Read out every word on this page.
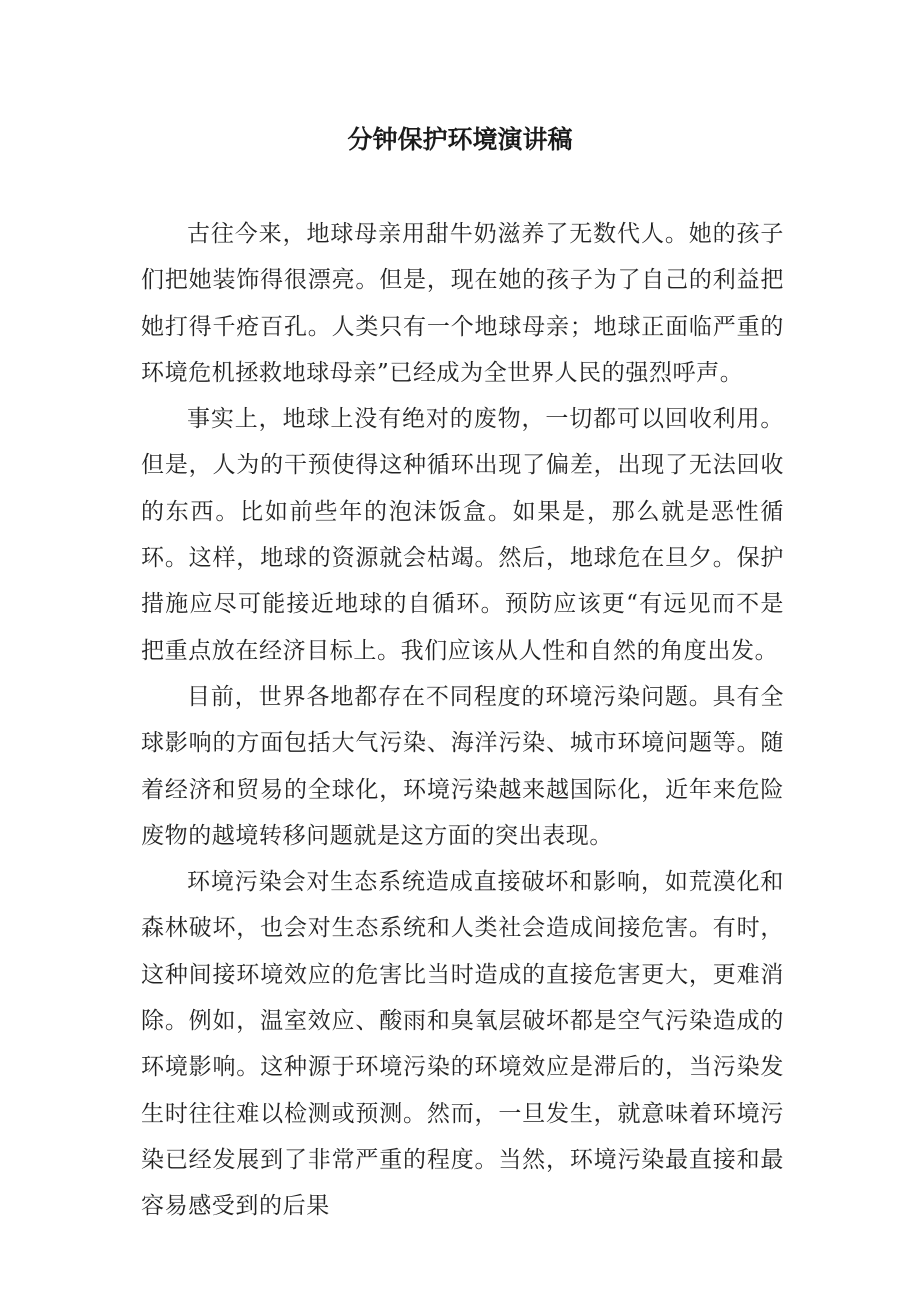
分钟保护环境演讲稿

古往今来，地球母亲用甜牛奶滋养了无数代人。她的孩子们把她装饰得很漂亮。但是，现在她的孩子为了自己的利益把她打得千疮百孔。人类只有一个地球母亲；地球正面临严重的环境危机拯救地球母亲”已经成为全世界人民的强烈呼声。

事实上，地球上没有绝对的废物，一切都可以回收利用。但是，人为的干预使得这种循环出现了偏差，出现了无法回收的东西。比如前些年的泡沫饭盒。如果是，那么就是恶性循环。这样，地球的资源就会枯竭。然后，地球危在旦夕。保护措施应尽可能接近地球的自循环。预防应该更“有远见而不是把重点放在经济目标上。我们应该从人性和自然的角度出发。

目前，世界各地都存在不同程度的环境污染问题。具有全球影响的方面包括大气污染、海洋污染、城市环境问题等。随着经济和贸易的全球化，环境污染越来越国际化，近年来危险废物的越境转移问题就是这方面的突出表现。

环境污染会对生态系统造成直接破坏和影响，如荒漠化和森林破坏，也会对生态系统和人类社会造成间接危害。有时，这种间接环境效应的危害比当时造成的直接危害更大，更难消除。例如，温室效应、酸雨和臭氧层破坏都是空气污染造成的环境影响。这种源于环境污染的环境效应是滞后的，当污染发生时往往难以检测或预测。然而，一旦发生，就意味着环境污染已经发展到了非常严重的程度。当然，环境污染最直接和最容易感受到的后果
